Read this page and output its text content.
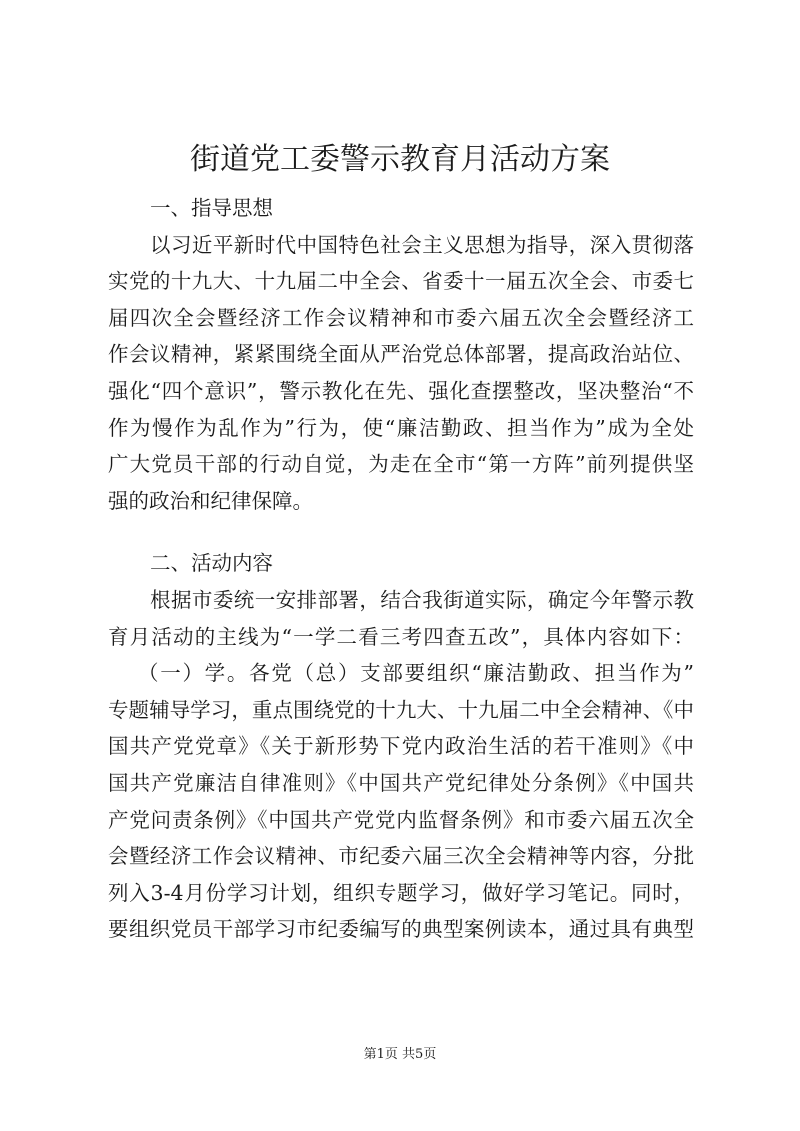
街道党工委警示教育月活动方案
一、指导思想
以习近平新时代中国特色社会主义思想为指导，深入贯彻落
实党的十九大、十九届二中全会、省委十一届五次全会、市委七
届四次全会暨经济工作会议精神和市委六届五次全会暨经济工
作会议精神，紧紧围绕全面从严治党总体部署，提高政治站位、
强化“四个意识”，警示教化在先、强化查摆整改，坚决整治“不
作为慢作为乱作为”行为，使“廉洁勤政、担当作为”成为全处
广大党员干部的行动自觉，为走在全市“第一方阵”前列提供坚
强的政治和纪律保障。
二、活动内容
根据市委统一安排部署，结合我街道实际，确定今年警示教
育月活动的主线为“一学二看三考四查五改”，具体内容如下：
（一）学。各党（总）支部要组织“廉洁勤政、担当作为”
专题辅导学习，重点围绕党的十九大、十九届二中全会精神、《中
国共产党党章》《关于新形势下党内政治生活的若干准则》《中
国共产党廉洁自律准则》《中国共产党纪律处分条例》《中国共
产党问责条例》《中国共产党党内监督条例》和市委六届五次全
会暨经济工作会议精神、市纪委六届三次全会精神等内容，分批
列入3-4月份学习计划，组织专题学习，做好学习笔记。同时，
要组织党员干部学习市纪委编写的典型案例读本，通过具有典型
第1页 共5页
